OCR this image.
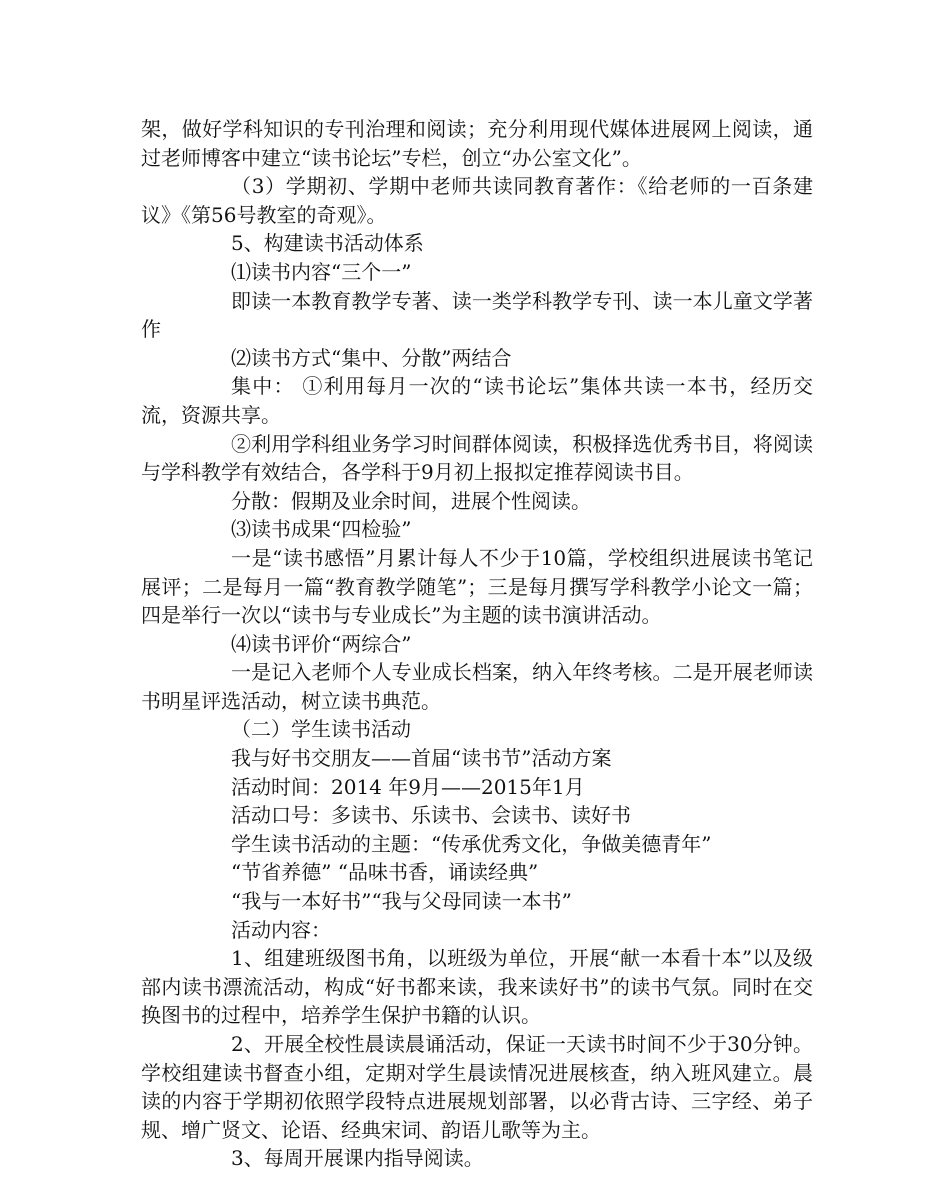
架，做好学科知识的专刊治理和阅读；充分利用现代媒体进展网上阅读，通过老师博客中建立“读书论坛”专栏，创立“办公室文化”。

（3）学期初、学期中老师共读同教育著作：《给老师的一百条建议》《第56号教室的奇观》。

5、构建读书活动体系

⑴读书内容“三个一”

即读一本教育教学专著、读一类学科教学专刊、读一本儿童文学著作

⑵读书方式“集中、分散”两结合

集中： ①利用每月一次的“读书论坛”集体共读一本书，经历交流，资源共享。

②利用学科组业务学习时间群体阅读，积极择选优秀书目，将阅读与学科教学有效结合，各学科于9月初上报拟定推荐阅读书目。

分散：假期及业余时间，进展个性阅读。

⑶读书成果“四检验”

一是“读书感悟”月累计每人不少于10篇，学校组织进展读书笔记展评；二是每月一篇“教育教学随笔”；三是每月撰写学科教学小论文一篇；四是举行一次以“读书与专业成长”为主题的读书演讲活动。

⑷读书评价“两综合”

一是记入老师个人专业成长档案，纳入年终考核。二是开展老师读书明星评选活动，树立读书典范。

（二）学生读书活动

我与好书交朋友——首届“读书节”活动方案

活动时间：2014 年9月——2015年1月

活动口号：多读书、乐读书、会读书、读好书

学生读书活动的主题：“传承优秀文化，争做美德青年”

“节省养德” “品味书香，诵读经典”

“我与一本好书”“我与父母同读一本书”

活动内容：

1、组建班级图书角，以班级为单位，开展“献一本看十本”以及级部内读书漂流活动，构成“好书都来读，我来读好书”的读书气氛。同时在交换图书的过程中，培养学生保护书籍的认识。

2、开展全校性晨读晨诵活动，保证一天读书时间不少于30分钟。学校组建读书督查小组，定期对学生晨读情况进展核查，纳入班风建立。晨读的内容于学期初依照学段特点进展规划部署，以必背古诗、三字经、弟子规、增广贤文、论语、经典宋词、韵语儿歌等为主。

3、每周开展课内指导阅读。
